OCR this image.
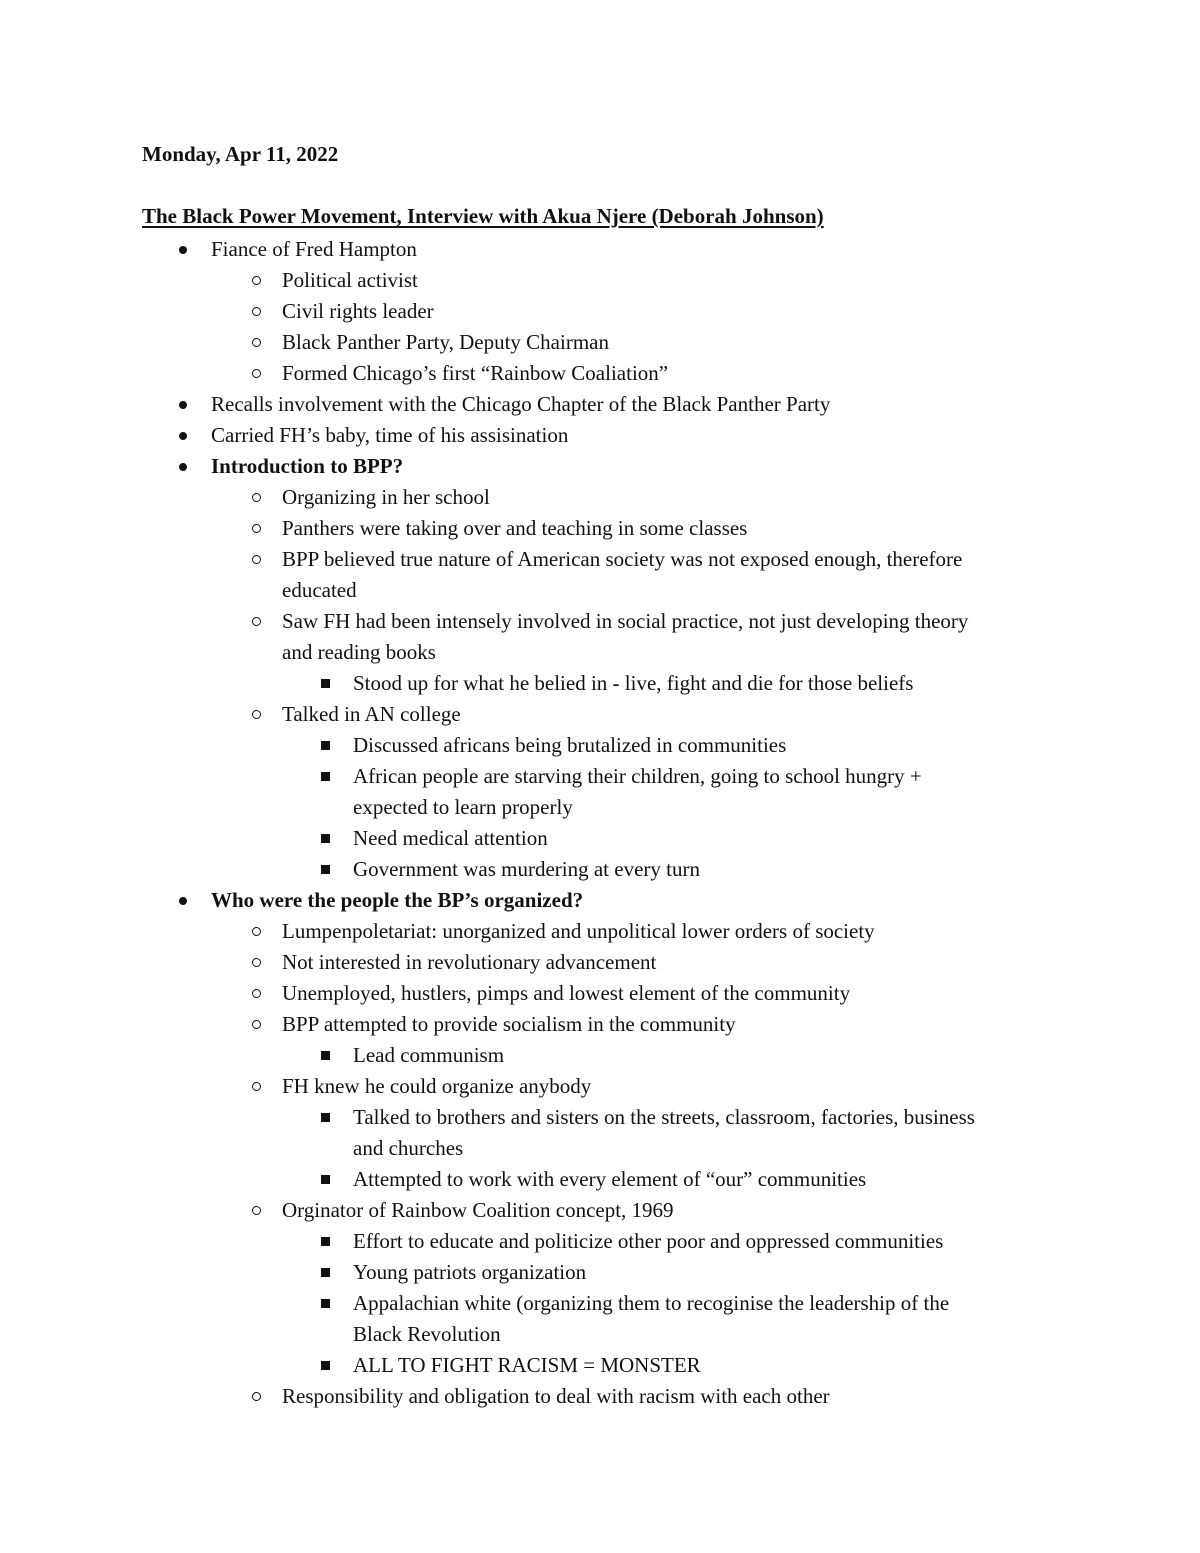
Monday, Apr 11, 2022
The Black Power Movement, Interview with Akua Njere (Deborah Johnson)
Fiance of Fred Hampton
Political activist
Civil rights leader
Black Panther Party, Deputy Chairman
Formed Chicago’s first “Rainbow Coaliation”
Recalls involvement with the Chicago Chapter of the Black Panther Party
Carried FH’s baby, time of his assisination
Introduction to BPP?
Organizing in her school
Panthers were taking over and teaching in some classes
BPP believed true nature of American society was not exposed enough, therefore
educated
Saw FH had been intensely involved in social practice, not just developing theory
and reading books
Stood up for what he belied in - live, fight and die for those beliefs
Talked in AN college
Discussed africans being brutalized in communities
African people are starving their children, going to school hungry +
expected to learn properly
Need medical attention
Government was murdering at every turn
Who were the people the BP’s organized?
Lumpenpoletariat: unorganized and unpolitical lower orders of society
Not interested in revolutionary advancement
Unemployed, hustlers, pimps and lowest element of the community
BPP attempted to provide socialism in the community
Lead communism
FH knew he could organize anybody
Talked to brothers and sisters on the streets, classroom, factories, business
and churches
Attempted to work with every element of “our” communities
Orginator of Rainbow Coalition concept, 1969
Effort to educate and politicize other poor and oppressed communities
Young patriots organization
Appalachian white (organizing them to recoginise the leadership of the
Black Revolution
ALL TO FIGHT RACISM = MONSTER
Responsibility and obligation to deal with racism with each other
